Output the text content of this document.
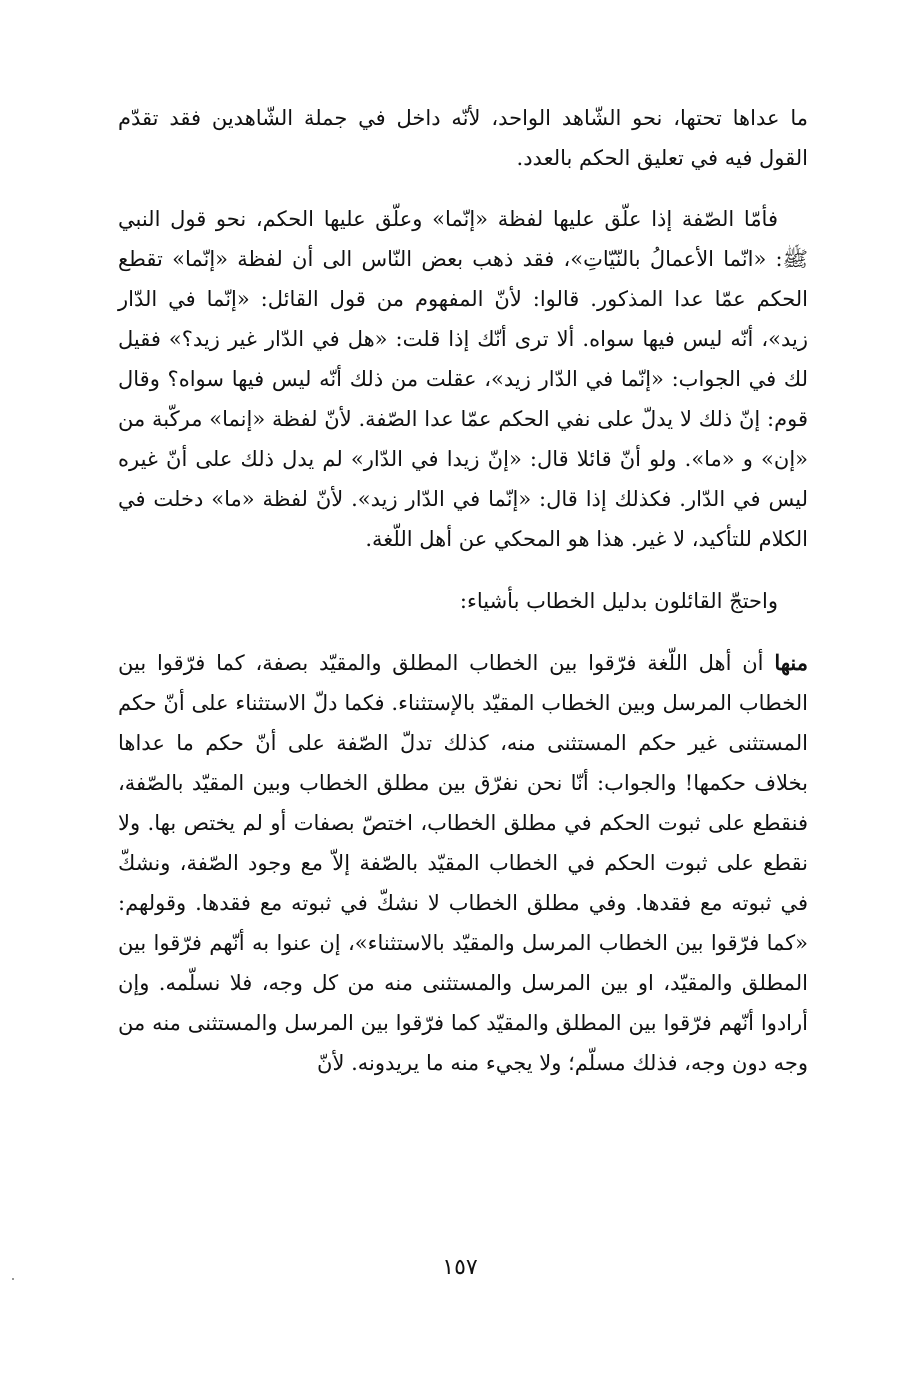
ما عداها تحتها، نحو الشّاهد الواحد، لأنّه داخل في جملة الشّاهدين فقد تقدّم القول فيه في تعليق الحكم بالعدد.

فأمّا الصّفة إذا علّق عليها لفظة «إنّما» وعلّق عليها الحكم، نحو قول النبي ﷺ: «انّما الأعمالُ بالنّيّاتِ»، فقد ذهب بعض النّاس الى أن لفظة «إنّما» تقطع الحكم عمّا عدا المذكور. قالوا: لأنّ المفهوم من قول القائل: «إنّما في الدّار زيد»، أنّه ليس فيها سواه. ألا ترى أنّك إذا قلت: «هل في الدّار غير زيد؟» فقيل لك في الجواب: «إنّما في الدّار زيد»، عقلت من ذلك أنّه ليس فيها سواه؟ وقال قوم: إنّ ذلك لا يدلّ على نفي الحكم عمّا عدا الصّفة. لأنّ لفظة «إنما» مركّبة من «إن» و «ما». ولو أنّ قائلا قال: «إنّ زيدا في الدّار» لم يدل ذلك على أنّ غيره ليس في الدّار. فكذلك إذا قال: «إنّما في الدّار زيد». لأنّ لفظة «ما» دخلت في الكلام للتأكيد، لا غير. هذا هو المحكي عن أهل اللّغة.

واحتجّ القائلون بدليل الخطاب بأشياء:

منها أن أهل اللّغة فرّقوا بين الخطاب المطلق والمقيّد بصفة، كما فرّقوا بين الخطاب المرسل وبين الخطاب المقيّد بالإستثناء. فكما دلّ الاستثناء على أنّ حكم المستثنى غير حكم المستثنى منه، كذلك تدلّ الصّفة على أنّ حكم ما عداها بخلاف حكمها! والجواب: أنّا نحن نفرّق بين مطلق الخطاب وبين المقيّد بالصّفة، فنقطع على ثبوت الحكم في مطلق الخطاب، اختصّ بصفات أو لم يختص بها. ولا نقطع على ثبوت الحكم في الخطاب المقيّد بالصّفة إلاّ مع وجود الصّفة، ونشكّ في ثبوته مع فقدها. وفي مطلق الخطاب لا نشكّ في ثبوته مع فقدها. وقولهم: «كما فرّقوا بين الخطاب المرسل والمقيّد بالاستثناء»، إن عنوا به أنّهم فرّقوا بين المطلق والمقيّد، او بين المرسل والمستثنى منه من كل وجه، فلا نسلّمه. وإن أرادوا أنّهم فرّقوا بين المطلق والمقيّد كما فرّقوا بين المرسل والمستثنى منه من وجه دون وجه، فذلك مسلّم؛ ولا يجيء منه ما يريدونه. لأنّ

١٥٧
